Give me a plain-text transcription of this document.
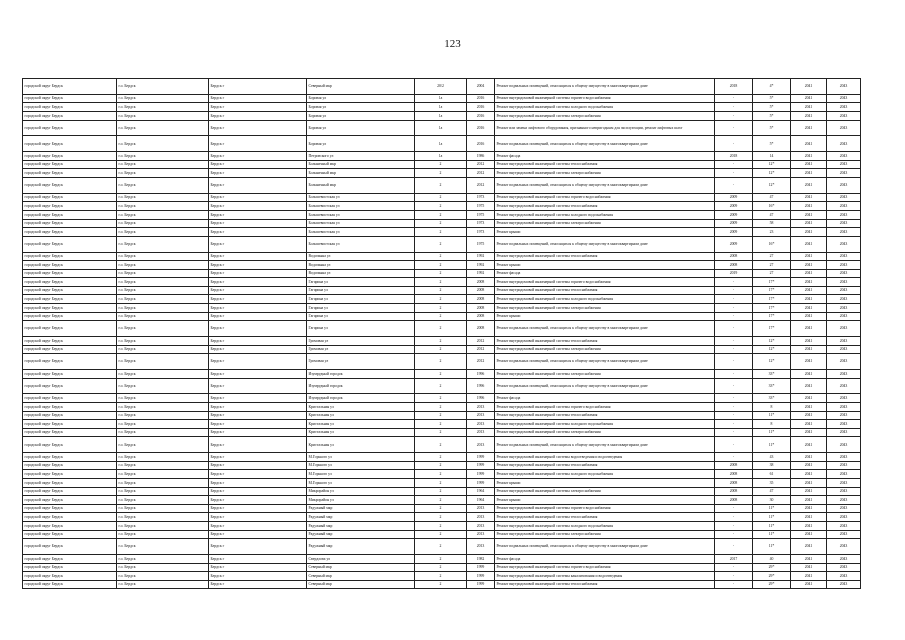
123
городской округ Бердск	г.о. Бердск	Бердск г	Северный мкр	20/2	2004	Ремонт подвальных помещений, относящихся к общему имуществу в многоквартирном доме	2018	4*	2041	2043
городской округ Бердск	г.о. Бердск	Бердск г	Боровая ул	1а	2016	Ремонт внутридомовой инженерной системы горячего водоснабжения	-	5*	2041	2043
городской округ Бердск	г.о. Бердск	Бердск г	Боровая ул	1а	2016	Ремонт внутридомовой инженерной системы холодного водоснабжения	-	5*	2041	2043
городской округ Бердск	г.о. Бердск	Бердск г	Боровая ул	1а	2016	Ремонт внутридомовой инженерной системы электроснабжения	-	5*	2041	2043
городской округ Бердск	г.о. Бердск	Бердск г	Боровая ул	1а	2016	Ремонт или замена лифтового оборудования, признанного непригодным для эксплуатации, ремонт лифтовых шахт	-	5*	2041	2043
городской округ Бердск	г.о. Бердск	Бердск г	Боровая ул	1а	2016	Ремонт подвальных помещений, относящихся к общему имуществу в многоквартирном доме	-	5*	2041	2043
городской округ Бердск	г.о. Бердск	Бердск г	Петровского ул	1а	1986	Ремонт фасада	2018	14	2041	2043
городской округ Бердск	г.о. Бердск	Бердск г	Больничный мкр	2	2012	Ремонт внутридомовой инженерной системы теплоснабжения	-	12*	2041	2043
городской округ Бердск	г.о. Бердск	Бердск г	Больничный мкр	2	2012	Ремонт внутридомовой инженерной системы электроснабжения	-	12*	2041	2043
городской округ Бердск	г.о. Бердск	Бердск г	Больничный мкр	2	2012	Ремонт подвальных помещений, относящихся к общему имуществу в многоквартирном доме	-	12*	2041	2043
городской округ Бердск	г.о. Бердск	Бердск г	Большевистская ул	2	1973	Ремонт внутридомовой инженерной системы горячего водоснабжения	2009	47	2041	2043
городской округ Бердск	г.о. Бердск	Бердск г	Большевистская ул	2	1975	Ремонт внутридомовой инженерной системы теплоснабжения	2009	16*	2041	2043
городской округ Бердск	г.о. Бердск	Бердск г	Большевистская ул	2	1975	Ремонт внутридомовой инженерной системы холодного водоснабжения	2009	47	2041	2043
городской округ Бердск	г.о. Бердск	Бердск г	Большевистская ул	2	1973	Ремонт внутридомовой инженерной системы электроснабжения	2009	58	2041	2043
городской округ Бердск	г.о. Бердск	Бердск г	Большевистская ул	2	1973	Ремонт крыши	2009	23	2041	2043
городской округ Бердск	г.о. Бердск	Бердск г	Большевистская ул	2	1975	Ремонт подвальных помещений, относящихся к общему имуществу в многоквартирном доме	2009	16*	2041	2043
городской округ Бердск	г.о. Бердск	Бердск г	Водопьяна ул	2	1992	Ремонт внутридомовой инженерной системы теплоснабжения	2008	27	2041	2043
городской округ Бердск	г.о. Бердск	Бердск г	Водопьяна ул	2	1992	Ремонт крыши	2008	27	2041	2043
городской округ Бердск	г.о. Бердск	Бердск г	Водопьяна ул	2	1992	Ремонт фасада	2019	27	2041	2043
городской округ Бердск	г.о. Бердск	Бердск г	Гагарина ул	2	2008	Ремонт внутридомовой инженерной системы горячего водоснабжения	-	17*	2041	2043
городской округ Бердск	г.о. Бердск	Бердск г	Гагарина ул	2	2008	Ремонт внутридомовой инженерной системы теплоснабжения	-	17*	2041	2043
городской округ Бердск	г.о. Бердск	Бердск г	Гагарина ул	2	2008	Ремонт внутридомовой инженерной системы холодного водоснабжения	-	17*	2041	2043
городской округ Бердск	г.о. Бердск	Бердск г	Гагарина ул	2	2008	Ремонт внутридомовой инженерной системы электроснабжения	-	17*	2041	2043
городской округ Бердск	г.о. Бердск	Бердск г	Гагарина ул	2	2008	Ремонт крыши	-	17*	2041	2043
городской округ Бердск	г.о. Бердск	Бердск г	Гагарина ул	2	2008	Ремонт подвальных помещений, относящихся к общему имуществу в многоквартирном доме	-	17*	2041	2043
городской округ Бердск	г.о. Бердск	Бердск г	Громовая ул	2	2012	Ремонт внутридомовой инженерной системы теплоснабжения	-	12*	2041	2043
городской округ Бердск	г.о. Бердск	Бердск г	Громовая ул	2	2012	Ремонт внутридомовой инженерной системы электроснабжения	-	12*	2041	2043
городской округ Бердск	г.о. Бердск	Бердск г	Громовая ул	2	2012	Ремонт подвальных помещений, относящихся к общему имуществу в многоквартирном доме	-	12*	2041	2043
городской округ Бердск	г.о. Бердск	Бердск г	Изумрудный городок	2	1996	Ремонт внутридомовой инженерной системы электроснабжения	-	33*	2041	2043
городской округ Бердск	г.о. Бердск	Бердск г	Изумрудный городок	2	1996	Ремонт подвальных помещений, относящихся к общему имуществу в многоквартирном доме	-	33*	2041	2043
городской округ Бердск	г.о. Бердск	Бердск г	Изумрудный городок	2	1996	Ремонт фасада	-	33*	2041	2043
городской округ Бердск	г.о. Бердск	Бердск г	Кристальная ул	2	2013	Ремонт внутридомовой инженерной системы горячего водоснабжения	-	8	2041	2043
городской округ Бердск	г.о. Бердск	Бердск г	Кристальная ул	2	2013	Ремонт внутридомовой инженерной системы теплоснабжения	-	11*	2041	2043
городской округ Бердск	г.о. Бердск	Бердск г	Кристальная ул	2	2013	Ремонт внутридомовой инженерной системы холодного водоснабжения	-	8	2041	2043
городской округ Бердск	г.о. Бердск	Бердск г	Кристальная ул	2	2013	Ремонт внутридомовой инженерной системы электроснабжения	-	11*	2041	2043
городской округ Бердск	г.о. Бердск	Бердск г	Кристальная ул	2	2013	Ремонт подвальных помещений, относящихся к общему имуществу в многоквартирном доме	-	11*	2041	2043
городской округ Бердск	г.о. Бердск	Бердск г	М.Горького ул	2	1999	Ремонт внутридомовой инженерной системы водоотведения и водоотведения	-	43	2041	2043
городской округ Бердск	г.о. Бердск	Бердск г	М.Горького ул	2	1999	Ремонт внутридомовой инженерной системы теплоснабжения	2008	38	2041	2043
городской округ Бердск	г.о. Бердск	Бердск г	М.Горького ул	2	1999	Ремонт внутридомовой инженерной системы холодного водоснабжения	2008	61	2041	2043
городской округ Бердск	г.о. Бердск	Бердск г	М.Горького ул	2	1999	Ремонт крыши	2008	35	2041	2043
городской округ Бердск	г.о. Бердск	Бердск г	Микрорайон ул	2	1964	Ремонт внутридомовой инженерной системы электроснабжения	2008	47	2041	2043
городской округ Бердск	г.о. Бердск	Бердск г	Микрорайон ул	2	1964	Ремонт крыши	2008	30	2041	2043
городской округ Бердск	г.о. Бердск	Бердск г	Радужный мкр	2	2013	Ремонт внутридомовой инженерной системы горячего водоснабжения	-	11*	2041	2043
городской округ Бердск	г.о. Бердск	Бердск г	Радужный мкр	2	2013	Ремонт внутридомовой инженерной системы теплоснабжения	-	11*	2041	2043
городской округ Бердск	г.о. Бердск	Бердск г	Радужный мкр	2	2013	Ремонт внутридомовой инженерной системы холодного водоснабжения	-	11*	2041	2043
городской округ Бердск	г.о. Бердск	Бердск г	Радужный мкр	2	2013	Ремонт внутридомовой инженерной системы электроснабжения	-	11*	2041	2043
городской округ Бердск	г.о. Бердск	Бердск г	Радужный мкр	2	2013	Ремонт подвальных помещений, относящихся к общему имуществу в многоквартирном доме	-	11*	2041	2043
городской округ Бердск	г.о. Бердск	Бердск г	Свердлова ул	2	1982	Ремонт фасада	2017	40	2041	2043
городской округ Бердск	г.о. Бердск	Бердск г	Северный мкр	2	1999	Ремонт внутридомовой инженерной системы горячего водоснабжения	-	29*	2041	2043
городской округ Бердск	г.о. Бердск	Бердск г	Северный мкр	2	1999	Ремонт внутридомовой инженерной системы канализования и водоотведения	-	29*	2041	2043
городской округ Бердск	г.о. Бердск	Бердск г	Северный мкр	2	1999	Ремонт внутридомовой инженерной системы теплоснабжения	-	29*	2041	2043
